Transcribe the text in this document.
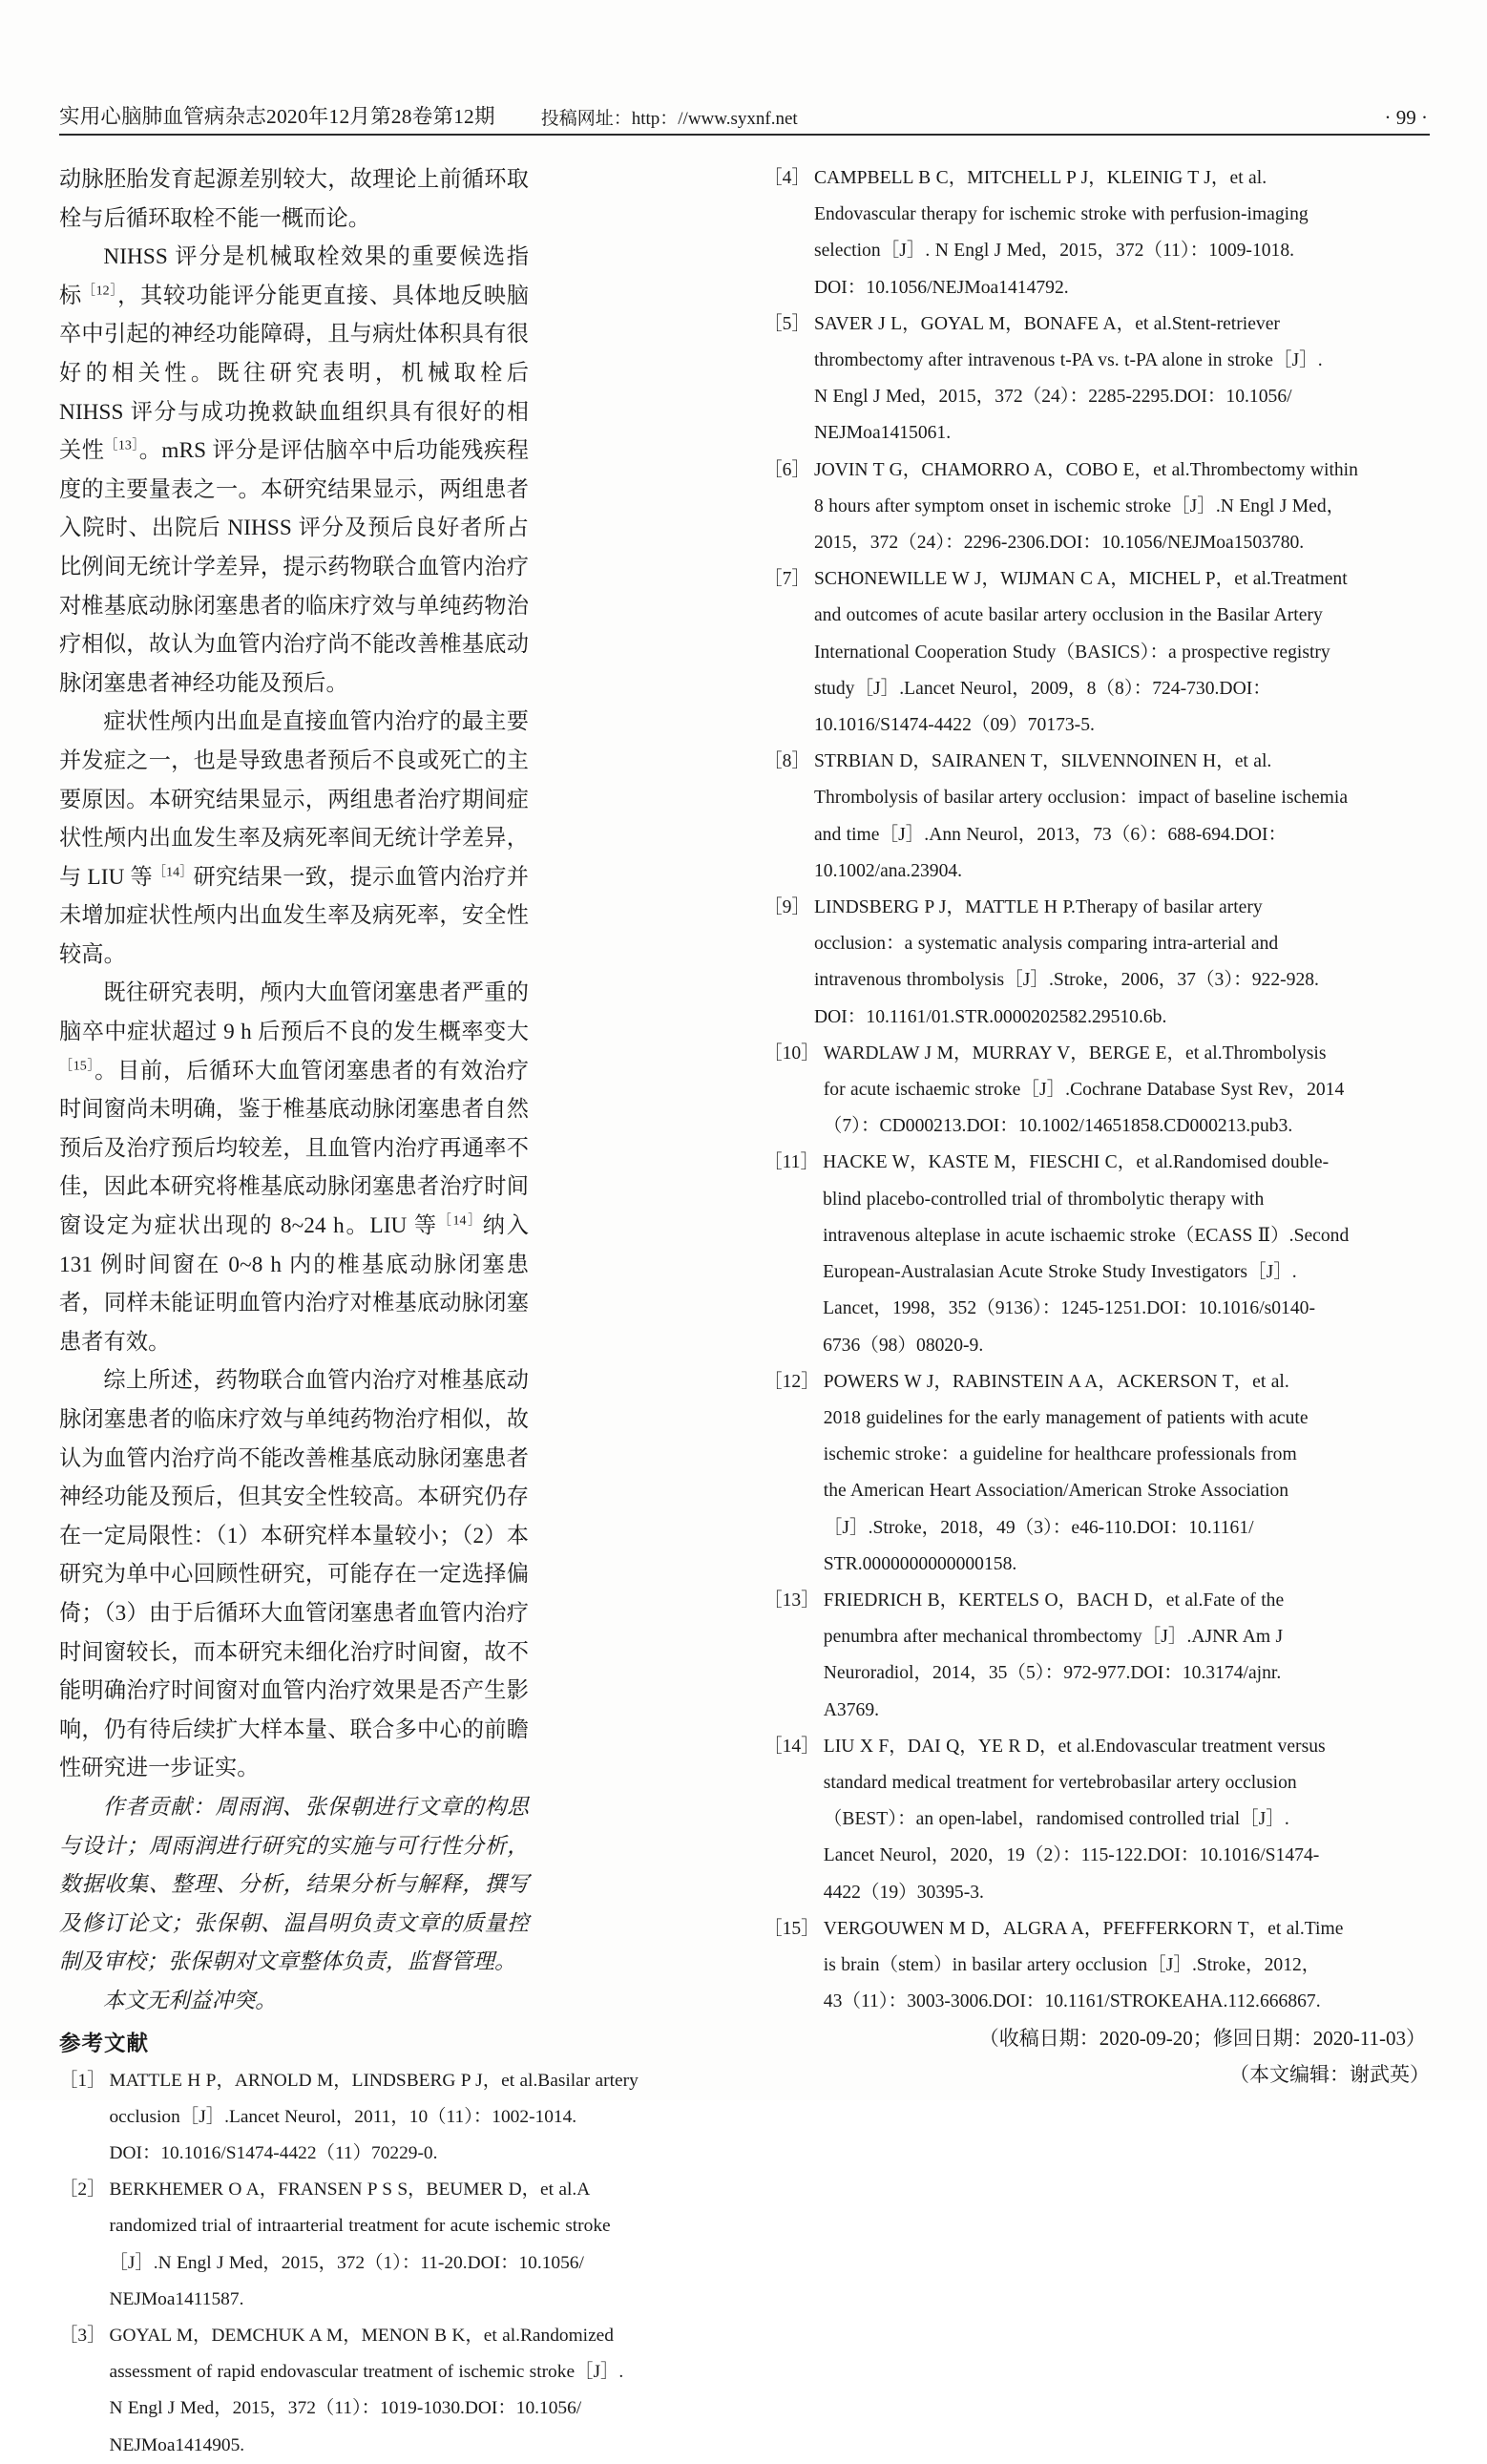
实用心脑肺血管病杂志2020年12月第28卷第12期	投稿网址：http：//www.syxnf.net	· 99 ·

动脉胚胎发育起源差别较大，故理论上前循环取栓与后循环取栓不能一概而论。

NIHSS 评分是机械取栓效果的重要候选指标$^{[12]}$，其较功能评分能更直接、具体地反映脑卒中引起的神经功能障碍，且与病灶体积具有很好的相关性。既往研究表明，机械取栓后 NIHSS 评分与成功挽救缺血组织具有很好的相关性$^{[13]}$。mRS 评分是评估脑卒中后功能残疾程度的主要量表之一。本研究结果显示，两组患者入院时、出院后 NIHSS 评分及预后良好者所占比例间无统计学差异，提示药物联合血管内治疗对椎基底动脉闭塞患者的临床疗效与单纯药物治疗相似，故认为血管内治疗尚不能改善椎基底动脉闭塞患者神经功能及预后。

症状性颅内出血是直接血管内治疗的最主要并发症之一，也是导致患者预后不良或死亡的主要原因。本研究结果显示，两组患者治疗期间症状性颅内出血发生率及病死率间无统计学差异，与 LIU 等$^{[14]}$研究结果一致，提示血管内治疗并未增加症状性颅内出血发生率及病死率，安全性较高。

既往研究表明，颅内大血管闭塞患者严重的脑卒中症状超过 9 h 后预后不良的发生概率变大$^{[15]}$。目前，后循环大血管闭塞患者的有效治疗时间窗尚未明确，鉴于椎基底动脉闭塞患者自然预后及治疗预后均较差，且血管内治疗再通率不佳，因此本研究将椎基底动脉闭塞患者治疗时间窗设定为症状出现的 8~24 h。LIU 等$^{[14]}$纳入 131 例时间窗在 0~8 h 内的椎基底动脉闭塞患者，同样未能证明血管内治疗对椎基底动脉闭塞患者有效。

综上所述，药物联合血管内治疗对椎基底动脉闭塞患者的临床疗效与单纯药物治疗相似，故认为血管内治疗尚不能改善椎基底动脉闭塞患者神经功能及预后，但其安全性较高。本研究仍存在一定局限性：（1）本研究样本量较小；（2）本研究为单中心回顾性研究，可能存在一定选择偏倚；（3）由于后循环大血管闭塞患者血管内治疗时间窗较长，而本研究未细化治疗时间窗，故不能明确治疗时间窗对血管内治疗效果是否产生影响，仍有待后续扩大样本量、联合多中心的前瞻性研究进一步证实。

作者贡献：周雨润、张保朝进行文章的构思与设计；周雨润进行研究的实施与可行性分析，数据收集、整理、分析，结果分析与解释，撰写及修订论文；张保朝、温昌明负责文章的质量控制及审校；张保朝对文章整体负责，监督管理。

本文无利益冲突。

参考文献

［1］ MATTLE H P，ARNOLD M，LINDSBERG P J，et al.Basilar artery
occlusion［J］.Lancet Neurol，2011，10（11）：1002-1014.
DOI：10.1016/S1474-4422（11）70229-0.
［2］ BERKHEMER O A，FRANSEN P S S，BEUMER D，et al.A
randomized trial of intraarterial treatment for acute ischemic stroke
［J］.N Engl J Med，2015，372（1）：11-20.DOI：10.1056/
NEJMoa1411587.
［3］ GOYAL M，DEMCHUK A M，MENON B K，et al.Randomized
assessment of rapid endovascular treatment of ischemic stroke［J］.
N Engl J Med，2015，372（11）：1019-1030.DOI：10.1056/
NEJMoa1414905.
［4］ CAMPBELL B C，MITCHELL P J，KLEINIG T J，et al.
Endovascular therapy for ischemic stroke with perfusion-imaging
selection［J］. N Engl J Med，2015，372（11）：1009-1018.
DOI：10.1056/NEJMoa1414792.
［5］ SAVER J L，GOYAL M，BONAFE A，et al.Stent-retriever
thrombectomy after intravenous t-PA vs. t-PA alone in stroke［J］.
N Engl J Med，2015，372（24）：2285-2295.DOI：10.1056/
NEJMoa1415061.
［6］ JOVIN T G，CHAMORRO A，COBO E，et al.Thrombectomy within
8 hours after symptom onset in ischemic stroke［J］.N Engl J Med，
2015，372（24）：2296-2306.DOI：10.1056/NEJMoa1503780.
［7］ SCHONEWILLE W J，WIJMAN C A，MICHEL P，et al.Treatment
and outcomes of acute basilar artery occlusion in the Basilar Artery
International Cooperation Study（BASICS）：a prospective registry
study［J］.Lancet Neurol，2009，8（8）：724-730.DOI：
10.1016/S1474-4422（09）70173-5.
［8］ STRBIAN D，SAIRANEN T，SILVENNOINEN H，et al.
Thrombolysis of basilar artery occlusion：impact of baseline ischemia
and time［J］.Ann Neurol，2013，73（6）：688-694.DOI：
10.1002/ana.23904.
［9］ LINDSBERG P J，MATTLE H P.Therapy of basilar artery
occlusion：a systematic analysis comparing intra-arterial and
intravenous thrombolysis［J］.Stroke，2006，37（3）：922-928.
DOI：10.1161/01.STR.0000202582.29510.6b.
［10］ WARDLAW J M，MURRAY V，BERGE E，et al.Thrombolysis
for acute ischaemic stroke［J］.Cochrane Database Syst Rev，2014
（7）：CD000213.DOI：10.1002/14651858.CD000213.pub3.
［11］ HACKE W，KASTE M，FIESCHI C，et al.Randomised double-
blind placebo-controlled trial of thrombolytic therapy with
intravenous alteplase in acute ischaemic stroke（ECASS Ⅱ）.Second
European-Australasian Acute Stroke Study Investigators［J］.
Lancet，1998，352（9136）：1245-1251.DOI：10.1016/s0140-
6736（98）08020-9.
［12］ POWERS W J，RABINSTEIN A A，ACKERSON T，et al.
2018 guidelines for the early management of patients with acute
ischemic stroke：a guideline for healthcare professionals from
the American Heart Association/American Stroke Association
［J］.Stroke，2018，49（3）：e46-110.DOI：10.1161/
STR.0000000000000158.
［13］ FRIEDRICH B，KERTELS O，BACH D，et al.Fate of the
penumbra after mechanical thrombectomy［J］.AJNR Am J
Neuroradiol，2014，35（5）：972-977.DOI：10.3174/ajnr.
A3769.
［14］ LIU X F，DAI Q，YE R D，et al.Endovascular treatment versus
standard medical treatment for vertebrobasilar artery occlusion
（BEST）：an open-label，randomised controlled trial［J］.
Lancet Neurol，2020，19（2）：115-122.DOI：10.1016/S1474-
4422（19）30395-3.
［15］ VERGOUWEN M D，ALGRA A，PFEFFERKORN T，et al.Time
is brain（stem）in basilar artery occlusion［J］.Stroke，2012，
43（11）：3003-3006.DOI：10.1161/STROKEAHA.112.666867.

（收稿日期：2020-09-20；修回日期：2020-11-03）

（本文编辑：谢武英）
